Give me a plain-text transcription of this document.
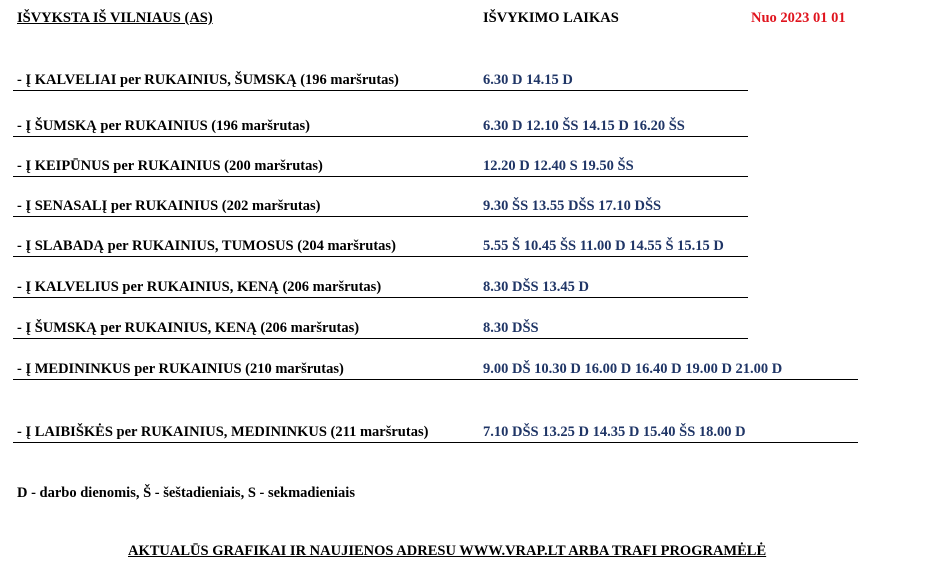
IŠVYKSTA IŠ VILNIAUS (AS)	IŠVYKIMO LAIKAS	Nuo 2023 01 01
- Į KALVELIAI per RUKAINIUS, ŠUMSKĄ (196 maršrutas)	6.30 D 14.15 D
- Į ŠUMSKĄ per RUKAINIUS (196 maršrutas)	6.30 D 12.10 ŠS 14.15 D 16.20 ŠS
- Į KEIPŪNUS per RUKAINIUS (200 maršrutas)	12.20 D 12.40 S 19.50 ŠS
- Į SENASALĮ per RUKAINIUS (202 maršrutas)	9.30 ŠS 13.55 DŠS 17.10 DŠS
- Į SLABADĄ per RUKAINIUS, TUMOSUS (204 maršrutas)	5.55 Š 10.45 ŠS 11.00 D 14.55 Š 15.15 D
- Į KALVELIUS per RUKAINIUS, KENĄ (206 maršrutas)	8.30 DŠS 13.45 D
- Į ŠUMSKĄ per RUKAINIUS, KENĄ (206 maršrutas)	8.30 DŠS
- Į MEDININKUS per RUKAINIUS (210 maršrutas)	9.00 DŠ 10.30 D 16.00 D 16.40 D 19.00 D 21.00 D
- Į LAIBIŠKĖS per RUKAINIUS, MEDININKUS (211 maršrutas)	7.10 DŠS 13.25 D 14.35 D 15.40 ŠS 18.00 D
D - darbo dienomis, Š - šeštadieniais, S - sekmadieniais
AKTUALŪS GRAFIKAI IR NAUJIENOS ADRESU WWW.VRAP.LT ARBA TRAFI PROGRAMĖLĖ
